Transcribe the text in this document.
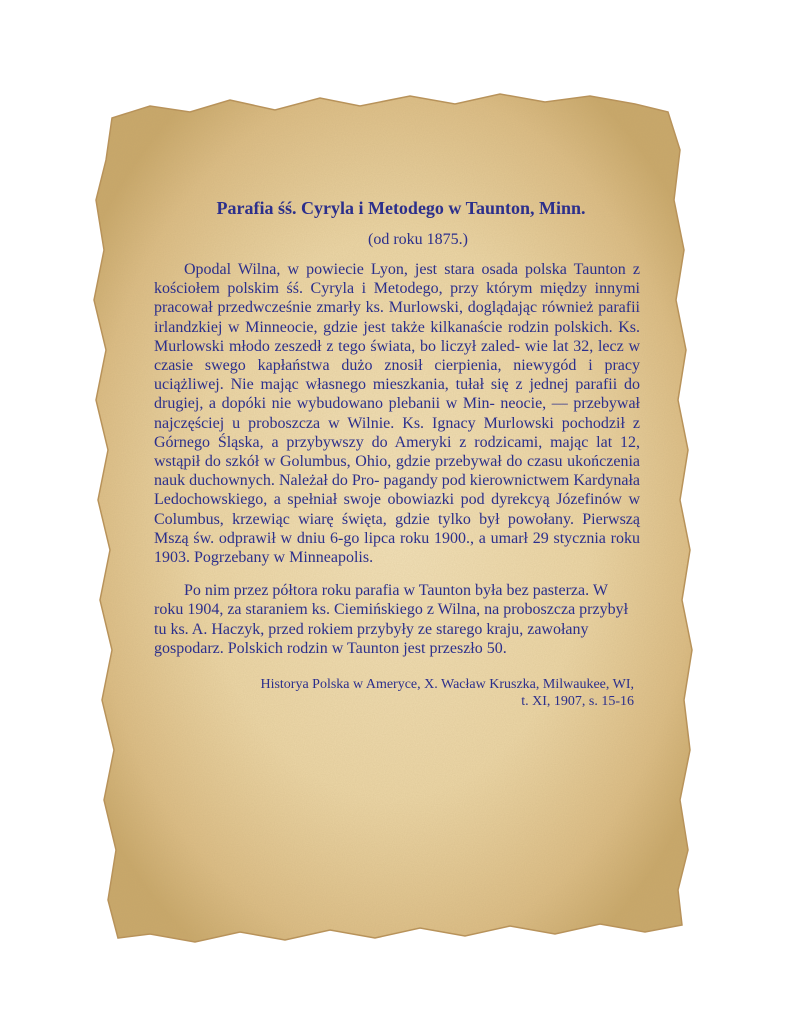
Parafia śś. Cyryla i Metodego w Taunton, Minn.

(od roku 1875.)

Opodal Wilna, w powiecie Lyon, jest stara osada polska Taunton z kościołem polskim śś. Cyryla i Metodego, przy którym między innymi pracował przedwcześnie zmarły ks. Murlowski, doglądając również parafii irlandzkiej w Minneocie, gdzie jest także kilkanaście rodzin polskich. Ks. Murlowski młodo zeszedł z tego świata, bo liczył zaled- wie lat 32, lecz w czasie swego kapłaństwa dużo znosił cierpienia, niewygód i pracy uciążliwej. Nie mając własnego mieszkania, tułał się z jednej parafii do drugiej, a dopóki nie wybudowano plebanii w Min- neocie, — przebywał najczęściej u proboszcza w Wilnie. Ks. Ignacy Murlowski pochodził z Górnego Śląska, a przybywszy do Ameryki z rodzicami, mając lat 12, wstąpił do szkół w Golumbus, Ohio, gdzie przebywał do czasu ukończenia nauk duchownych. Należał do Pro- pagandy pod kierownictwem Kardynała Ledochowskiego, a spełniał swoje obowiazki pod dyrekcyą Józefinów w Columbus, krzewiąc wiarę święta, gdzie tylko był powołany. Pierwszą Mszą św. odprawił w dniu 6-go lipca roku 1900., a umarł 29 stycznia roku 1903. Pogrzebany w Minneapolis.

Po nim przez półtora roku parafia w Taunton była bez pasterza. W roku 1904, za staraniem ks. Ciemińskiego z Wilna, na proboszcza przybył tu ks. A. Haczyk, przed rokiem przybyły ze starego kraju, zawołany gospodarz. Polskich rodzin w Taunton jest przeszło 50.

Historya Polska w Ameryce, X. Wacław Kruszka, Milwaukee, WI,
t. XI, 1907, s. 15-16
